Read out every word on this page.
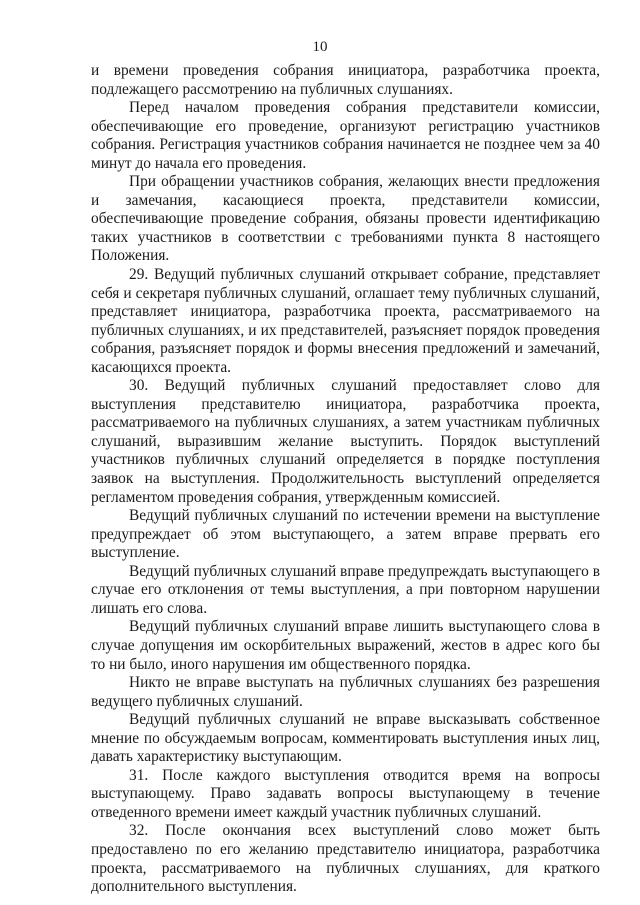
10

и времени проведения собрания инициатора, разработчика проекта, подлежащего рассмотрению на публичных слушаниях.

Перед началом проведения собрания представители комиссии, обеспечивающие его проведение, организуют регистрацию участников собрания. Регистрация участников собрания начинается не позднее чем за 40 минут до начала его проведения.

При обращении участников собрания, желающих внести предложения и замечания, касающиеся проекта, представители комиссии, обеспечивающие проведение собрания, обязаны провести идентификацию таких участников в соответствии с требованиями пункта 8 настоящего Положения.

29. Ведущий публичных слушаний открывает собрание, представляет себя и секретаря публичных слушаний, оглашает тему публичных слушаний, представляет инициатора, разработчика проекта, рассматриваемого на публичных слушаниях, и их представителей, разъясняет порядок проведения собрания, разъясняет порядок и формы внесения предложений и замечаний, касающихся проекта.

30. Ведущий публичных слушаний предоставляет слово для выступления представителю инициатора, разработчика проекта, рассматриваемого на публичных слушаниях, а затем участникам публичных слушаний, выразившим желание выступить. Порядок выступлений участников публичных слушаний определяется в порядке поступления заявок на выступления. Продолжительность выступлений определяется регламентом проведения собрания, утвержденным комиссией.

Ведущий публичных слушаний по истечении времени на выступление предупреждает об этом выступающего, а затем вправе прервать его выступление.

Ведущий публичных слушаний вправе предупреждать выступающего в случае его отклонения от темы выступления, а при повторном нарушении лишать его слова.

Ведущий публичных слушаний вправе лишить выступающего слова в случае допущения им оскорбительных выражений, жестов в адрес кого бы то ни было, иного нарушения им общественного порядка.

Никто не вправе выступать на публичных слушаниях без разрешения ведущего публичных слушаний.

Ведущий публичных слушаний не вправе высказывать собственное мнение по обсуждаемым вопросам, комментировать выступления иных лиц, давать характеристику выступающим.

31. После каждого выступления отводится время на вопросы выступающему. Право задавать вопросы выступающему в течение отведенного времени имеет каждый участник публичных слушаний.

32. После окончания всех выступлений слово может быть предоставлено по его желанию представителю инициатора, разработчика проекта, рассматриваемого на публичных слушаниях, для краткого дополнительного выступления.
